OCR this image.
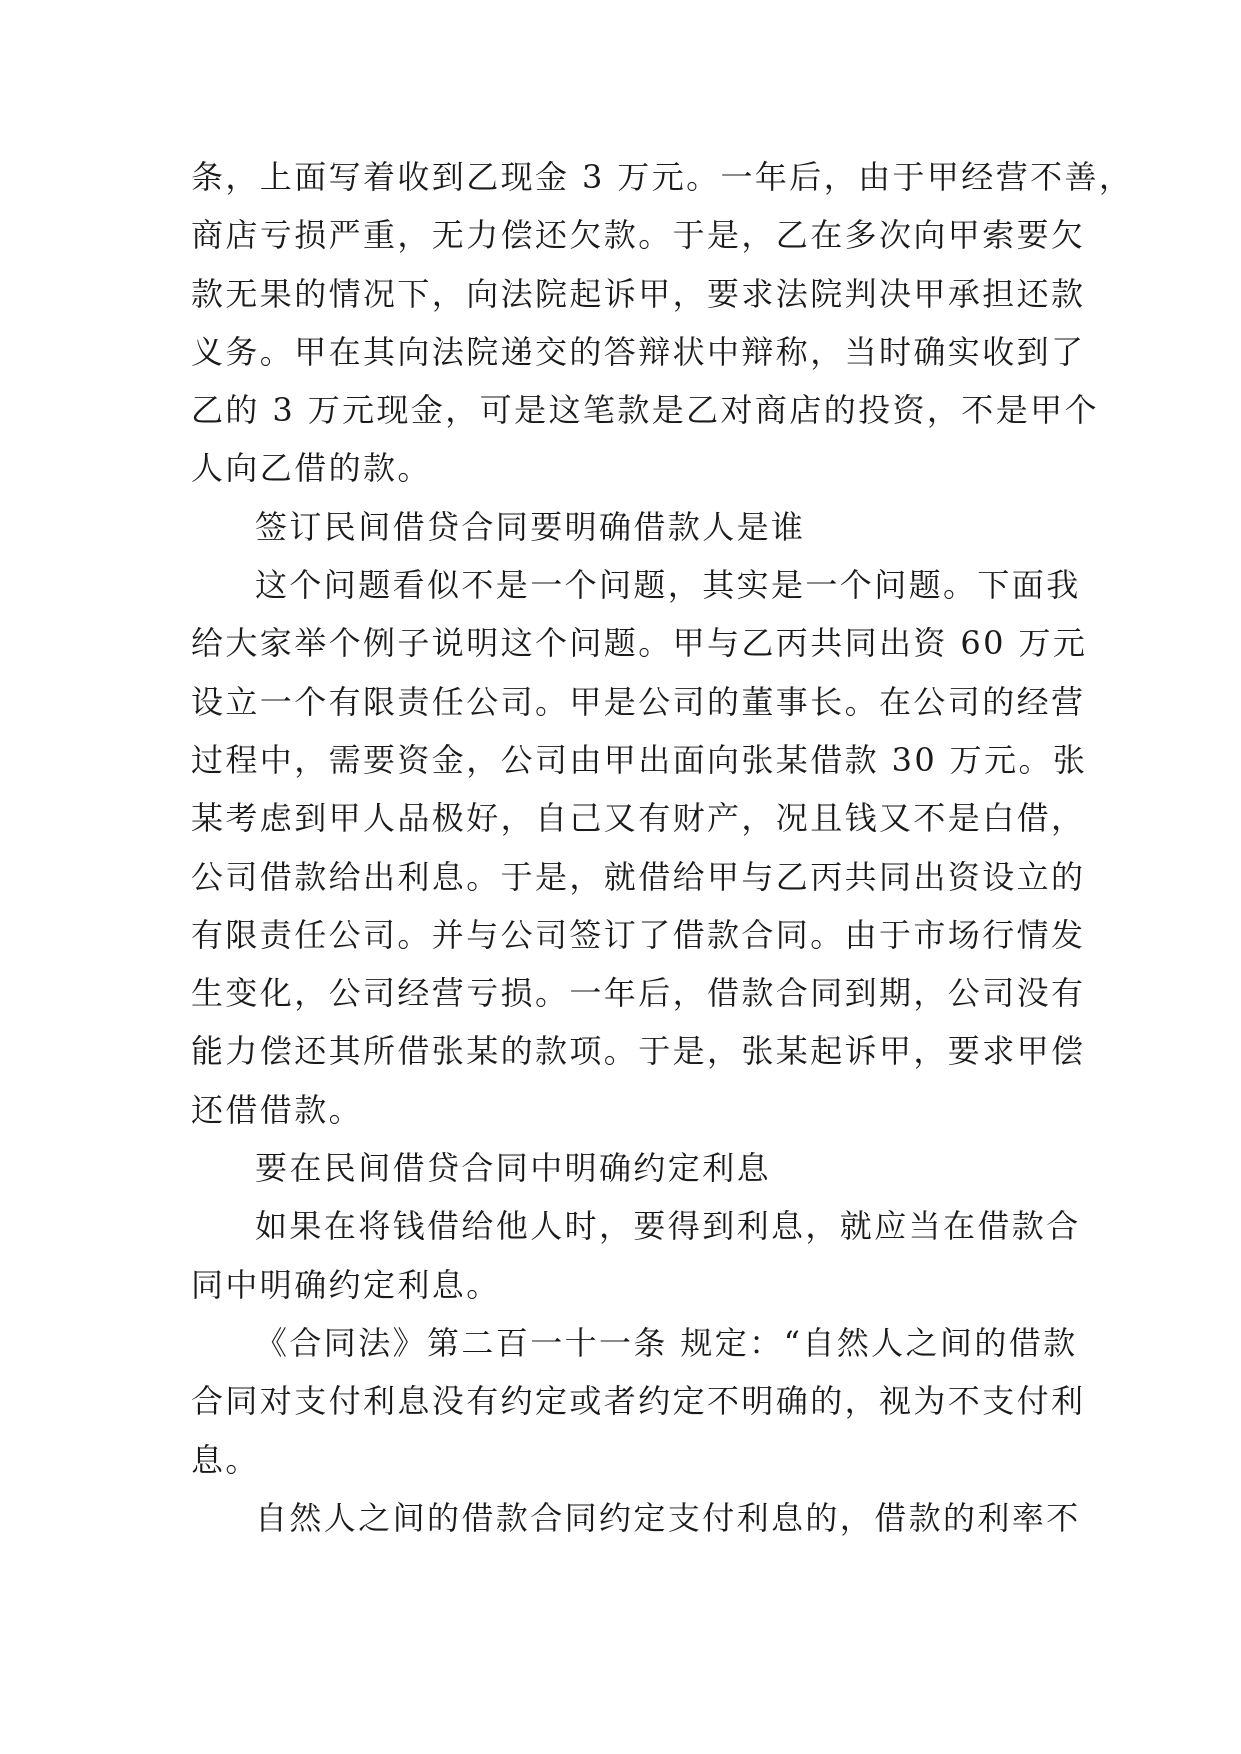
条，上面写着收到乙现金 3 万元。一年后，由于甲经营不善，
商店亏损严重，无力偿还欠款。于是，乙在多次向甲索要欠
款无果的情况下，向法院起诉甲，要求法院判决甲承担还款
义务。甲在其向法院递交的答辩状中辩称，当时确实收到了
乙的 3 万元现金，可是这笔款是乙对商店的投资，不是甲个
人向乙借的款。
签订民间借贷合同要明确借款人是谁
这个问题看似不是一个问题，其实是一个问题。下面我
给大家举个例子说明这个问题。甲与乙丙共同出资 60 万元
设立一个有限责任公司。甲是公司的董事长。在公司的经营
过程中，需要资金，公司由甲出面向张某借款 30 万元。张
某考虑到甲人品极好，自己又有财产，况且钱又不是白借，
公司借款给出利息。于是，就借给甲与乙丙共同出资设立的
有限责任公司。并与公司签订了借款合同。由于市场行情发
生变化，公司经营亏损。一年后，借款合同到期，公司没有
能力偿还其所借张某的款项。于是，张某起诉甲，要求甲偿
还借借款。
要在民间借贷合同中明确约定利息
如果在将钱借给他人时，要得到利息，就应当在借款合
同中明确约定利息。
《合同法》第二百一十一条 规定：“自然人之间的借款
合同对支付利息没有约定或者约定不明确的，视为不支付利
息。
自然人之间的借款合同约定支付利息的，借款的利率不
